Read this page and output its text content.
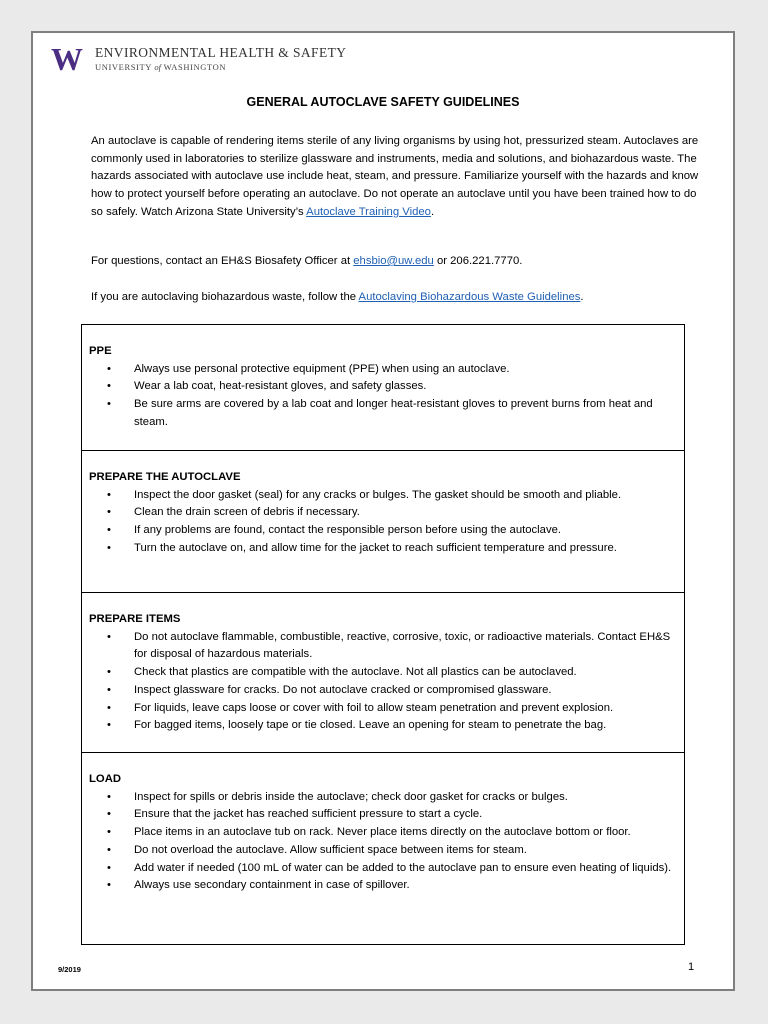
W ENVIRONMENTAL HEALTH & SAFETY
UNIVERSITY of WASHINGTON
GENERAL AUTOCLAVE SAFETY GUIDELINES
An autoclave is capable of rendering items sterile of any living organisms by using hot, pressurized steam. Autoclaves are commonly used in laboratories to sterilize glassware and instruments, media and solutions, and biohazardous waste. The hazards associated with autoclave use include heat, steam, and pressure. Familiarize yourself with the hazards and know how to protect yourself before operating an autoclave. Do not operate an autoclave until you have been trained how to do so safely. Watch Arizona State University’s Autoclave Training Video.
For questions, contact an EH&S Biosafety Officer at ehsbio@uw.edu or 206.221.7770.
If you are autoclaving biohazardous waste, follow the Autoclaving Biohazardous Waste Guidelines.
PPE
• Always use personal protective equipment (PPE) when using an autoclave.
• Wear a lab coat, heat-resistant gloves, and safety glasses.
• Be sure arms are covered by a lab coat and longer heat-resistant gloves to prevent burns from heat and steam.
PREPARE THE AUTOCLAVE
• Inspect the door gasket (seal) for any cracks or bulges. The gasket should be smooth and pliable.
• Clean the drain screen of debris if necessary.
• If any problems are found, contact the responsible person before using the autoclave.
• Turn the autoclave on, and allow time for the jacket to reach sufficient temperature and pressure.
PREPARE ITEMS
• Do not autoclave flammable, combustible, reactive, corrosive, toxic, or radioactive materials. Contact EH&S for disposal of hazardous materials.
• Check that plastics are compatible with the autoclave. Not all plastics can be autoclaved.
• Inspect glassware for cracks. Do not autoclave cracked or compromised glassware.
• For liquids, leave caps loose or cover with foil to allow steam penetration and prevent explosion.
• For bagged items, loosely tape or tie closed. Leave an opening for steam to penetrate the bag.
LOAD
• Inspect for spills or debris inside the autoclave; check door gasket for cracks or bulges.
• Ensure that the jacket has reached sufficient pressure to start a cycle.
• Place items in an autoclave tub on rack. Never place items directly on the autoclave bottom or floor.
• Do not overload the autoclave. Allow sufficient space between items for steam.
• Add water if needed (100 mL of water can be added to the autoclave pan to ensure even heating of liquids).
• Always use secondary containment in case of spillover.
9/2019	1
